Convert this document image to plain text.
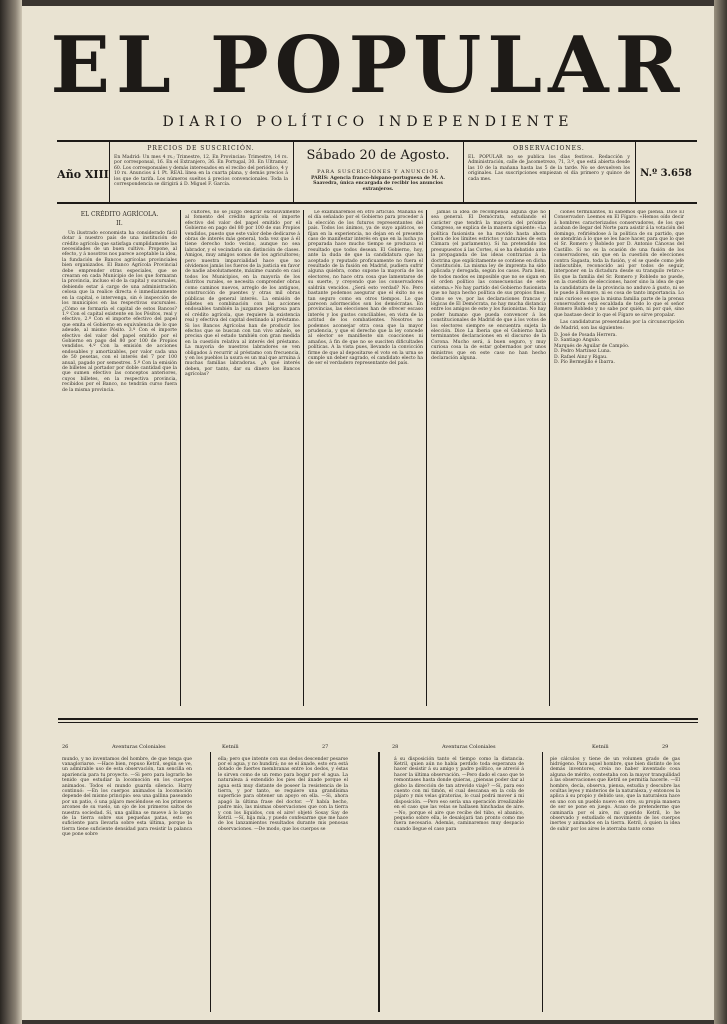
EL POPULAR
DIARIO POLÍTICO INDEPENDIENTE
Año XIII
PRECIOS DE SUSCRICIÓN.
En Madrid: Un mes 4 rs.; Trimestre, 12. En Provincias: Trimestre, 14 rs. por corresponsal, 16. En el Extranjero, 36. En Portugal, 30. En Ultramar, 60. Los corresponsales y demás interesados en el recibo del periódico, 4 y 10 rs. Anuncios á 1 Pt. REAL línea en la cuarta plana, y demás precios á los que de tarifa. Los números sueltos á precios convencionales. Toda la correspondencia se dirigirá á D. Miguel F. García.
Sábado 20 de Agosto.
PARA SUSCRICIONES Y ANUNCIOS
PARÍS: Agencia franco-hispano-portuguesa de M. A. Saavedra, única encargada de recibir los anuncios extranjeros.
OBSERVACIONES.
EL POPULAR no se publica los días festivos. Redacción y Administración, calle de Jacometrezo, 71, 3.º, que está abierta desde las 10 de la mañana hasta las 5 de la tarde. No se devuelven los originales. Las suscripciones empiezan el día primero y quince de cada mes.
N.º 3.658
EL CRÉDITO AGRÍCOLA.
II.

Un ilustrado economista ha considerado fácil dotar á nuestro país de una institución de crédito agrícola que satisfaga cumplidamente las necesidades de un buen cultivo. Propone, al efecto, y á nosotros nos parece aceptable la idea, la fundación de Bancos agrícolas provinciales bien organizados. El Banco Agrícola Provincial debe emprender otras especiales, que se crearan en cada Municipio de los que formaran la provincia, incluso el de la capital y sucursales, debiendo estar á cargo de una administración celosa que la realice directa é inmediatamente en la capital, e intervenga, sin é inspección de los municipios en las respectivas sucursales. ¿Cómo se formaría el capital de estos Bancos? 1.º Con el capital existente en los Pósitos, real y efectivo, 2.º Con el importe efectivo del papel que emita el Gobierno en equivalencia de lo que adeude, al mismo Pósito. 3.º Con el importe efectivo del valor del papel emitido por el Gobierno en pago del 80 por 100 de Propios vendidos. 4.º Con la emisión de acciones endosables y amortizables, por valor cada una de 50 pesetas, con el interés del 7 por 100 anual, pagado por semestres. 5.º Con la emisión de billetes al portador por doble cantidad que la que sumen efectivo las conceptos anteriores, cuyos billetes, en la respectiva provincia, recibidos por el Banco, no tendrán curso fuera de la misma provincia.

cultores, no se juzgó dedicar exclusivamente al fomento del crédito agrícola el importe efectivo del valor del papel emitido por el Gobierno en pago del 80 por 100 de sus Propios vendidos, puesto que este valor debe dedicarse á obras de interés más general, toda vez que á él tiene derecho todo vecino, aunque no sea labrador, y el vecindario sin distinción de clases. Amigos, muy amigos somos de los agricultores; pero nuestra imparcialidad hace que no olvidemos jamás los fueros de la justicia en favor de nadie absolutamente, máxime cuando en casi todos los Municipios, en la mayoría de los distritos rurales, se necesita comprender obras como caminos nuevos, arreglo de los antiguos, construcción de puentes y otras mil obras públicas de general interés. La emisión de billetes en combinación con las acciones endosables también la juzgamos peligrosa para el crédito agrícola, que requiere la existencia real y efectiva del capital destinado al préstamo. Si los Bancos Agrícolas han de producir los efectos que se buscan con tan vivo anhelo, se precisa que el estado también con gran medida en la cuestión relativa al interés del préstamo. La mayoría de nuestros labradores se ven obligados á recurrir al préstamo con frecuencia, y en los pueblos la usura es un mal que arruina á muchas familias labradoras. ¿A qué interés deben, por tanto, dar su dinero los Bancos agrícolas?

Le examinaremos en otro artículo. Mañana es el día señalado por el Gobierno para proceder á la elección de los futuros representantes del país. Todos los ánimos, ya de suyo apáticos, se fijan en la experiencia, no dejan en el presente caso de manifestar interés en que en la lucha ya preparada hace mucho tiempo se produzca el resultado que todos desean. El Gobierno, hoy, ante la duda de que la candidatura que ha aceptado y reputado proficuamente no fuera el resultado de la fusión en Madrid, pudiera sufrir alguna quiebra, como supone la mayoría de los electores, no hace otra cosa que lamentarse de su suerte, y creyendo que los conservadores saldrán vencidos. ¿Será esto verdad? No. Pero bastante podemos asegurar que el éxito no es tan seguro como en otros tiempos. Lo que parecen adormecidos son los demócratas. En provincias, las elecciones han de ofrecer escaso interés y los gustos conciliables, en vista de la actitud de los combatientes. Nosotros no podemos aconsejar otra cosa que la mayor prudencia, y que el derecho que la ley concede al elector se manifieste sin coacciones ni amaños, á fin de que no se susciten dificultades políticas. A la vista pues, llevando la convicción firme de que al depositarse el voto en la urna se cumple un deber sagrado, el candidato electo ha de ser el verdadero representante del país.

jamás la idea de recompensa alguna que no sea general. El Demócrata, estudiando el carácter que tendrá la mayoría del próximo Congreso, se explica de la manera siguiente: «La política fusionista se ha movido hasta ahora fuera de los límites estrictos y naturales de esta Cámara (el parlamento). Si ha pretendido los presupuestos á las Cortes, si se ha debatido ante la propaganda de las ideas contrarias á la doctrina que explícitamente se contiene en dicha Constitución. La misma ley de imprenta ha sido aplicada y derogada, según los casos. Para bien, de todos modos es imposible que no se sigan en el orden político las consecuencias de este sistema.» No hay partido del Gobierno fusionista que no haya hecho política de sus propios fines. Como se ve, por las declaraciones francas y lógicas de El Demócrata, no hay mucha distancia entre los amigos de este y los fusionistas. No hay poder humano que pueda convencer á los constitucionales de Madrid de que á los votos de los electores siempre se encuentra sujeta la elección. Dice La Iberia que el Gobierno hará terminantes declaraciones en el discurso de la Corona. Mucho será, á buen seguro, y muy curiosa cosa la de estar gobernados por unos ministros que en este caso no han hecho declaración alguna.

ciones terminantes, ni sabemos qué piensa. Dice El Conservador: Leemos en El Fígaro: «Hemos oído decir á hombres caracterizados conservadores, de los que acaban de llegar del Norte para asistir á la votación del domingo, refiriéndose á la política de su partido, que se atendrán á lo que se les hace hacer, para que lo que el Sr. Romero y Robledo por D. Antonio Cánovas del Castillo. Si no es la ocasión de una fusión de los conservadores, sin que en la cuestión de elecciones contra Sagasta, toda la fusión, y el se quede como jefe indiscutible, reconocido así por todos de seguir, interponer en la dictadura desde su tranquilo retiro.» Es que la familia del Sr. Romero y Robledo no puede, en la cuestión de elecciones, hacer sino la idea de que la candidatura de la provincia no anduvo á gusto, ni se le puede á Romero, ni es cosa de tanto importancia. Lo más curioso es que la misma familia parte de la prensa conservadora está escaldada de todo lo que el señor Romero Robledo y no sabe por quién, ni por qué, sino que bastase decir lo que el Fígaro se sirve propalar.

Las candidaturas presentadas por la circunscripción de Madrid, son las siguientes:

D. José de Posada Herrera.
D. Santiago Angulo.
Marqués de Aguilar de Campóo.
D. Pedro Martínez Luna.
D. Rafael Ainz y Rigau.
D. Pío Bermejillo é Ibarra.
26	Aventuras Coloniales	Ketnili	27	28	Aventuras Coloniales	Ketnili	29

mundo, y no inventamos del hombre, de que tenga que vanagloriarse. —Hace bien, repuso Ketril, según se ve, un admirable uso de esta observación, tan sencilla en apariencia para tu proyecto. —Si pero para lograrlo he tenido que estudiar la locomoción en los cuerpos animados. Todos el mundo guarda silencio. Harry continuó: —En los cuerpos animados la locomoción depende del mismo principio: sea una gallina paseando por un patio, ó una pájaro meciéndose en los primeros arcones de su vuelo, un ojo de los primeros saltos de nuestra sociedad. Sí, una gallina se mueve á lo largo de la tierra sobre sus pequeñas patas, esto es suficiente para llevarla sobre esta última, porque la tierra tiene suficiente densidad para resistir la palanca que pone sobre

ella; pero que intente con sus dedos descender pesarse por el agua, y no hundirá; no se el ánade, esto era está dotado de fuertes membranas entre los dedos, y éstas le sirven como de un remo para bogar por el agua. La naturaleza á extendido los pies del ánade porque el agua está muy distante de poseer la resistencia de la tierra, y por tanto, se requiere una grandísima superficie para obtener un apoyo en ella. —Si, ahora apagó la última frase del doctor. —Y había hecho, padre mío, las mismas observaciones que con la tierra y con los líquidos, con el aire! objetó Sosay Say de Ketril. —Sí, hija mía, y puedo confesarme que me hace de los lanzamientos resultados durante mis penosas observaciones. —De modo, que los cuerpos se

á su disposición tanto el tiempo como la distancia. Ketril, quien aún no había perdido toda esperanza de hacer desistir á su amigo y padre político, se atrevió á hacer la última observación. —Pero dado el caso que te remontases hasta donde quieras, ¿piensas poder dar al globo la dirección de tan atrevido viaje? —Sí, para eso cuento con mi timón, el cual descansa en la cola de pájaro y mis velas giratorias, lo cual podrá mover á mi disposición. —Pero eso sería una operación irrealizable en el caso que las velas se hallasen hinchadas de aire. —No, porque el aire que recibe del túbo, el abanico, pequeño sobre ella, le desalojará tan pronto como me fuera necesario. Además, caminaremos muy despacio cuando llegue el caso para

pie cálculos y tiene de un volumen grado de gas hidrógeno. Para aquel hombre, que bien distinto de los demás inventores, creía no haber inventado cosa alguna de mérito, contestaba con la mayor tranquilidad á las observaciones que Ketril se permitía hacerle. —El hombre, decía, observa, piensa, estudia y descubre las ocultas leyes y misterios de la naturaleza, y entonces la aplica á su propio y debido uso, que la naturaleza hace en uno con un pueblo nuevo en otro, su propia manera de ser se pone en juego. Acaso de pretenderme que caminaría por el aire, mi querido Ketril, lo he observado y estudiado el movimiento de los cuerpos inertes y animados en la tierra. Ketril, á quien la idea de subir por los aires le aterraba tanto como
